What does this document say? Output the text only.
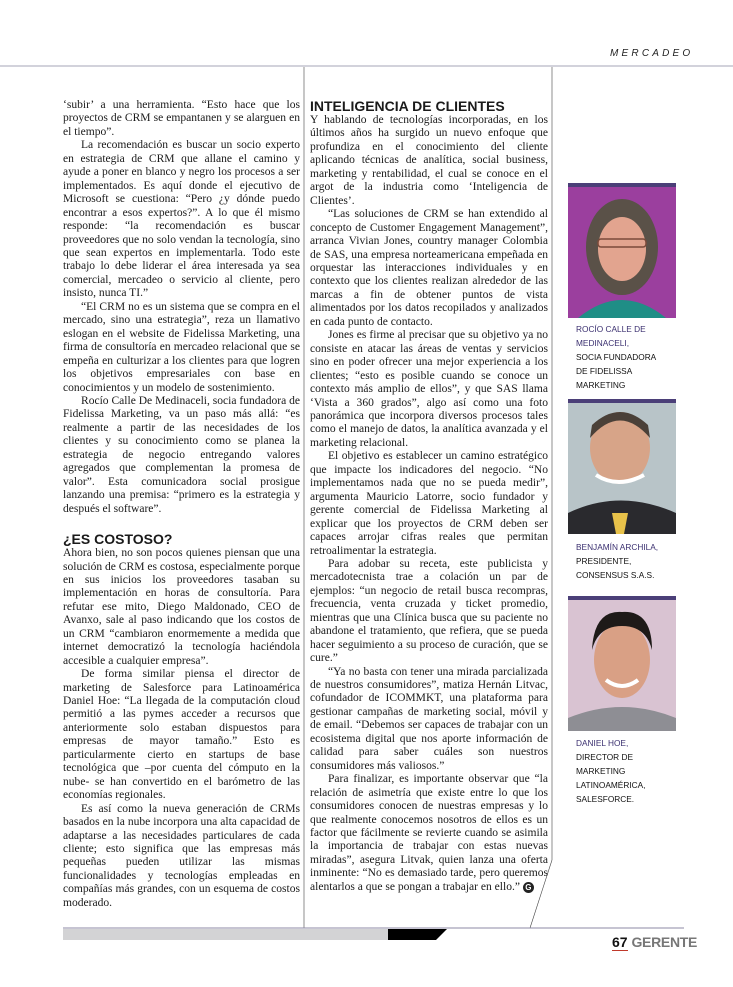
MERCADEO

‘subir’ a una herramienta. “Esto hace que los proyectos de CRM se empantanen y se alarguen en el tiempo”.

La recomendación es buscar un socio experto en estrategia de CRM que allane el camino y ayude a poner en blanco y negro los procesos a ser implementados. Es aquí donde el ejecutivo de Microsoft se cuestiona: “Pero ¿y dónde puedo encontrar a esos expertos?”. A lo que él mismo responde: “la recomendación es buscar proveedores que no solo vendan la tecnología, sino que sean expertos en implementarla. Todo este trabajo lo debe liderar el área interesada ya sea comercial, mercadeo o servicio al cliente, pero insisto, nunca TI.”

“El CRM no es un sistema que se compra en el mercado, sino una estrategia”, reza un llamativo eslogan en el website de Fidelissa Marketing, una firma de consultoría en mercadeo relacional que se empeña en culturizar a los clientes para que logren los objetivos empresariales con base en conocimientos y un modelo de sostenimiento.

Rocío Calle De Medinaceli, socia fundadora de Fidelissa Marketing, va un paso más allá: “es realmente a partir de las necesidades de los clientes y su conocimiento como se planea la estrategia de negocio entregando valores agregados que complementan la promesa de valor”. Esta comunicadora social prosigue lanzando una premisa: “primero es la estrategia y después el software”.

¿ES COSTOSO?

Ahora bien, no son pocos quienes piensan que una solución de CRM es costosa, especialmente porque en sus inicios los proveedores tasaban su implementación en horas de consultoría. Para refutar ese mito, Diego Maldonado, CEO de Avanxo, sale al paso indicando que los costos de un CRM “cambiaron enormemente a medida que internet democratizó la tecnología haciéndola accesible a cualquier empresa”.

De forma similar piensa el director de marketing de Salesforce para Latinoamérica Daniel Hoe: “La llegada de la computación cloud permitió a las pymes acceder a recursos que anteriormente solo estaban dispuestos para empresas de mayor tamaño.” Esto es particularmente cierto en startups de base tecnológica que –por cuenta del cómputo en la nube- se han convertido en el barómetro de las economías regionales.

Es así como la nueva generación de CRMs basados en la nube incorpora una alta capacidad de adaptarse a las necesidades particulares de cada cliente; esto significa que las empresas más pequeñas pueden utilizar las mismas funcionalidades y tecnologías empleadas en compañías más grandes, con un esquema de costos moderado.

INTELIGENCIA DE CLIENTES

Y hablando de tecnologías incorporadas, en los últimos años ha surgido un nuevo enfoque que profundiza en el conocimiento del cliente aplicando técnicas de analítica, social business, marketing y rentabilidad, el cual se conoce en el argot de la industria como ‘Inteligencia de Clientes’.

“Las soluciones de CRM se han extendido al concepto de Customer Engagement Management”, arranca Vivian Jones, country manager Colombia de SAS, una empresa norteamericana empeñada en orquestar las interacciones individuales y en contexto que los clientes realizan alrededor de las marcas a fin de obtener puntos de vista alimentados por los datos recopilados y analizados en cada punto de contacto.

Jones es firme al precisar que su objetivo ya no consiste en atacar las áreas de ventas y servicios sino en poder ofrecer una mejor experiencia a los clientes; “esto es posible cuando se conoce un contexto más amplio de ellos”, y que SAS llama ‘Vista a 360 grados”, algo así como una foto panorámica que incorpora diversos procesos tales como el manejo de datos, la analítica avanzada y el marketing relacional.

El objetivo es establecer un camino estratégico que impacte los indicadores del negocio. “No implementamos nada que no se pueda medir”, argumenta Mauricio Latorre, socio fundador y gerente comercial de Fidelissa Marketing al explicar que los proyectos de CRM deben ser capaces arrojar cifras reales que permitan retroalimentar la estrategia.

Para adobar su receta, este publicista y mercadotecnista trae a colación un par de ejemplos: “un negocio de retail busca recompras, frecuencia, venta cruzada y ticket promedio, mientras que una Clínica busca que su paciente no abandone el tratamiento, que refiera, que se pueda hacer seguimiento a su proceso de curación, que se cure.”

“Ya no basta con tener una mirada parcializada de nuestros consumidores”, matiza Hernán Litvac, cofundador de ICOMMKT, una plataforma para gestionar campañas de marketing social, móvil y de email. “Debemos ser capaces de trabajar con un ecosistema digital que nos aporte información de calidad para saber cuáles son nuestros consumidores más valiosos.”

Para finalizar, es importante observar que “la relación de asimetría que existe entre lo que los consumidores conocen de nuestras empresas y lo que realmente conocemos nosotros de ellos es un factor que fácilmente se revierte cuando se asimila la importancia de trabajar con estas nuevas miradas”, asegura Litvak, quien lanza una oferta inminente: “No es demasiado tarde, pero queremos alentarlos a que se pongan a trabajar en ello.” G

ROCÍO CALLE DE MEDINACELI,
SOCIA FUNDADORA DE FIDELISSA MARKETING
BENJAMÍN ARCHILA,
PRESIDENTE, CONSENSUS S.A.S.
DANIEL HOE,
DIRECTOR DE MARKETING LATINOAMÉRICA, SALESFORCE.
67 GERENTE
